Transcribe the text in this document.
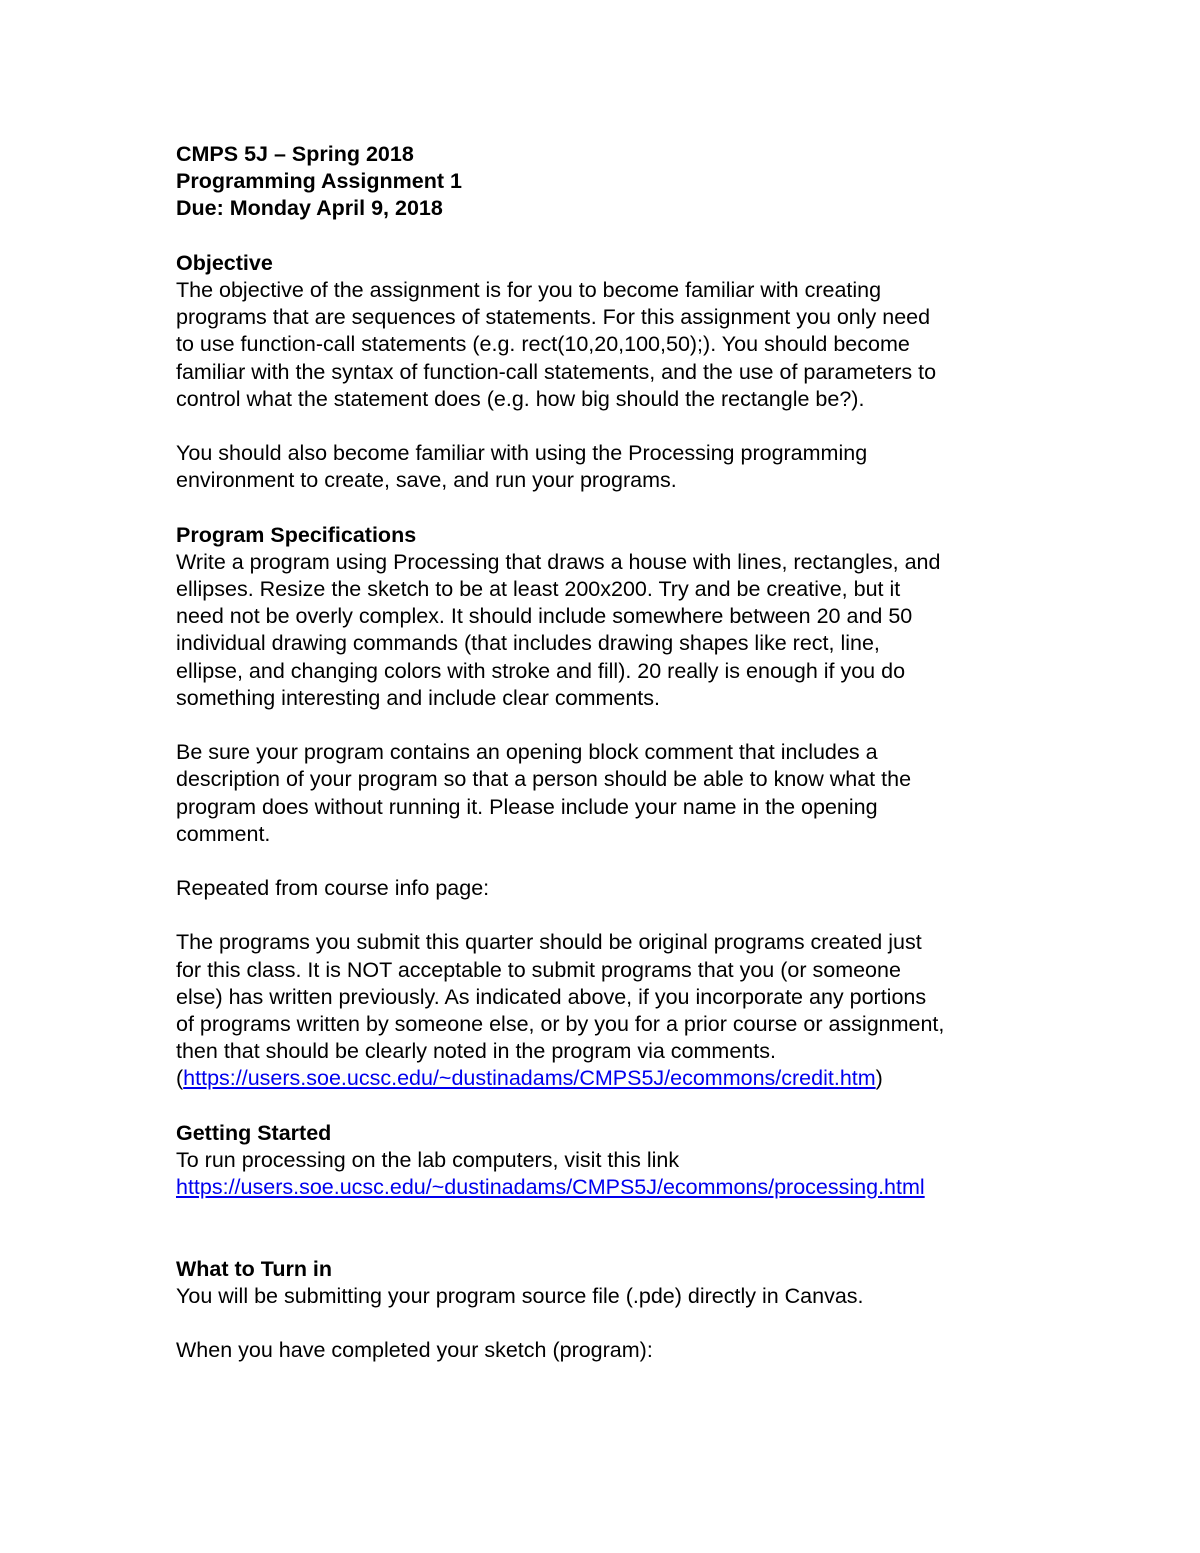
CMPS 5J – Spring 2018
Programming Assignment 1
Due: Monday April 9, 2018
Objective
The objective of the assignment is for you to become familiar with creating
programs that are sequences of statements. For this assignment you only need
to use function-call statements (e.g. rect(10,20,100,50);). You should become
familiar with the syntax of function-call statements, and the use of parameters to
control what the statement does (e.g. how big should the rectangle be?).
You should also become familiar with using the Processing programming
environment to create, save, and run your programs.
Program Specifications
Write a program using Processing that draws a house with lines, rectangles, and
ellipses. Resize the sketch to be at least 200x200. Try and be creative, but it
need not be overly complex. It should include somewhere between 20 and 50
individual drawing commands (that includes drawing shapes like rect, line,
ellipse, and changing colors with stroke and fill). 20 really is enough if you do
something interesting and include clear comments.
Be sure your program contains an opening block comment that includes a
description of your program so that a person should be able to know what the
program does without running it. Please include your name in the opening
comment.
Repeated from course info page:
The programs you submit this quarter should be original programs created just
for this class. It is NOT acceptable to submit programs that you (or someone
else) has written previously. As indicated above, if you incorporate any portions
of programs written by someone else, or by you for a prior course or assignment,
then that should be clearly noted in the program via comments.
(https://users.soe.ucsc.edu/~dustinadams/CMPS5J/ecommons/credit.htm)
Getting Started
To run processing on the lab computers, visit this link
https://users.soe.ucsc.edu/~dustinadams/CMPS5J/ecommons/processing.html
What to Turn in
You will be submitting your program source file (.pde) directly in Canvas.
When you have completed your sketch (program):
